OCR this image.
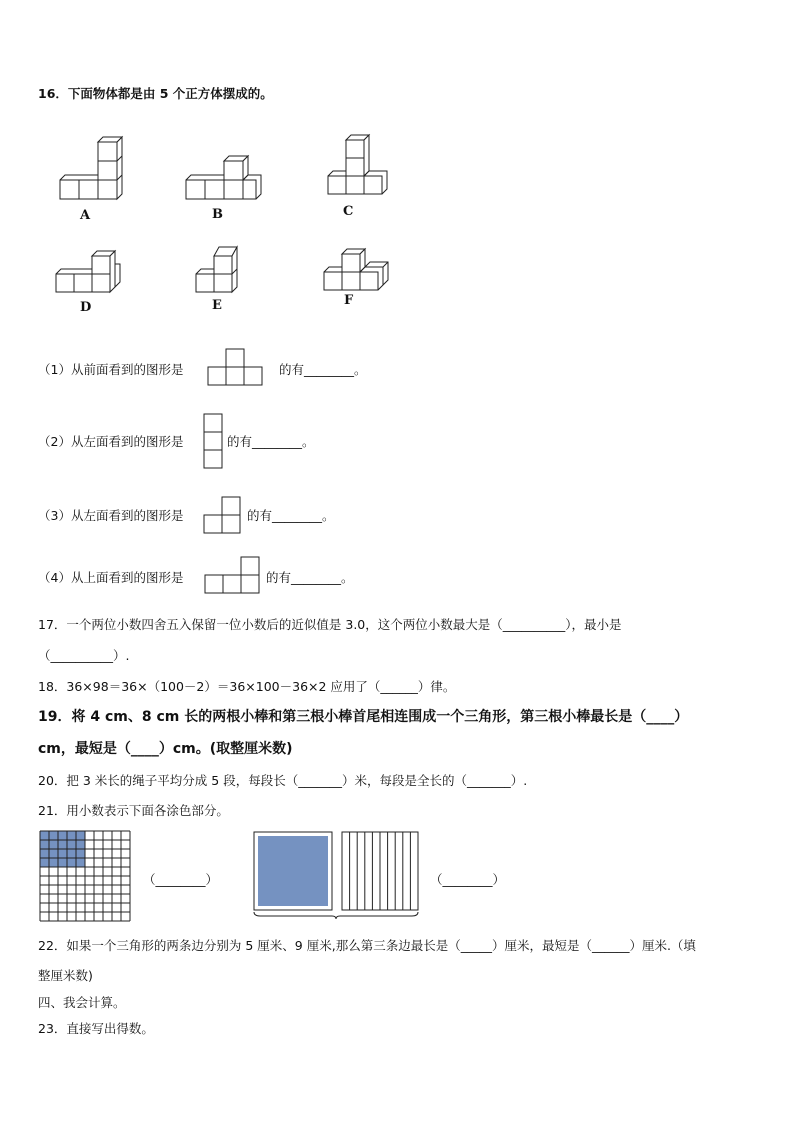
16．下面物体都是由 5 个正方体摆成的。
A	B	C
D	E	F
（1）从前面看到的图形是	的有________。
（2）从左面看到的图形是	的有________。
（3）从左面看到的图形是	的有________。
（4）从上面看到的图形是	的有________。
17．一个两位小数四舍五入保留一位小数后的近似值是 3.0，这个两位小数最大是（__________），最小是
（__________）.
18．36×98＝36×（100－2）＝36×100－36×2 应用了（______）律。
19．将 4 cm、8 cm 长的两根小棒和第三根小棒首尾相连围成一个三角形，第三根小棒最长是（____）
cm，最短是（____）cm。(取整厘米数)
20．把 3 米长的绳子平均分成 5 段，每段长（_______）米，每段是全长的（_______）.
21．用小数表示下面各涂色部分。
（________）	（________）
22．如果一个三角形的两条边分别为 5 厘米、9 厘米,那么第三条边最长是（_____）厘米，最短是（______）厘米.（填
整厘米数)
四、我会计算。
23．直接写出得数。
